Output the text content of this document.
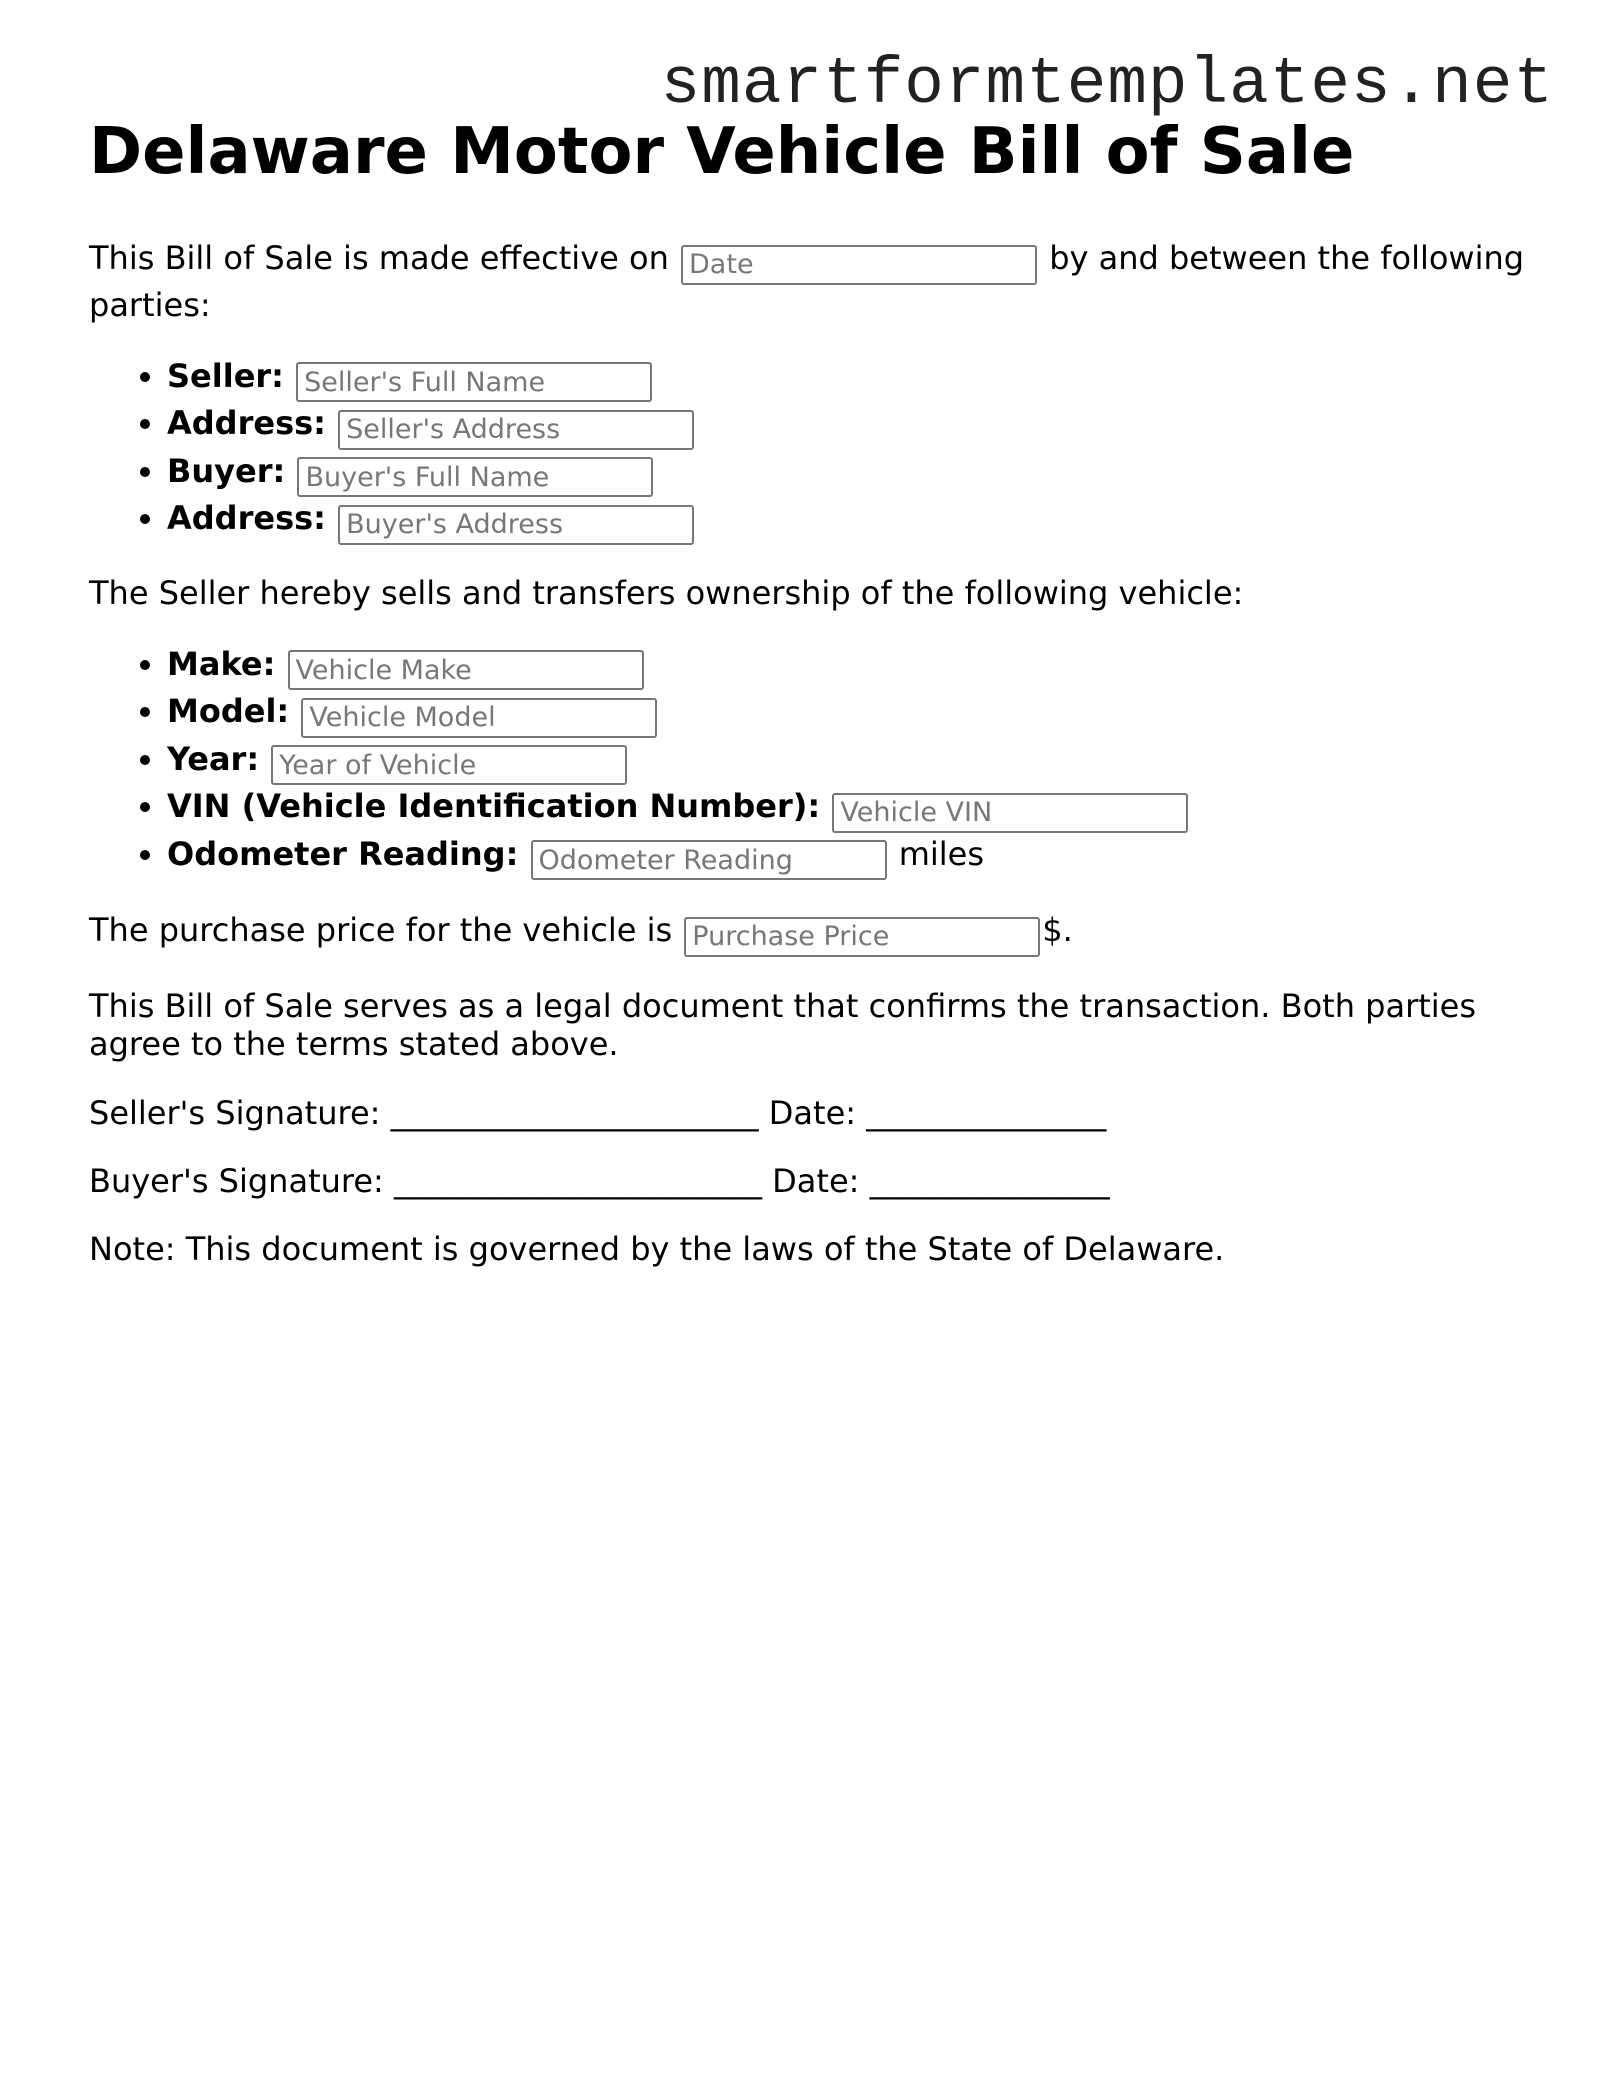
smartformtemplates.net
Delaware Motor Vehicle Bill of Sale

This Bill of Sale is made effective on Date	by and between the following parties:

• Seller: Seller's Full Name
• Address: Seller's Address
• Buyer: Buyer's Full Name
• Address: Buyer's Address

The Seller hereby sells and transfers ownership of the following vehicle:

• Make: Vehicle Make
• Model: Vehicle Model
• Year: Year of Vehicle
• VIN (Vehicle Identification Number): Vehicle VIN
• Odometer Reading: Odometer Reading	miles

The purchase price for the vehicle is Purchase Price	$.

This Bill of Sale serves as a legal document that confirms the transaction. Both parties agree to the terms stated above.

Seller's Signature: _______________________ Date: _______________

Buyer's Signature: _______________________ Date: _______________

Note: This document is governed by the laws of the State of Delaware.
